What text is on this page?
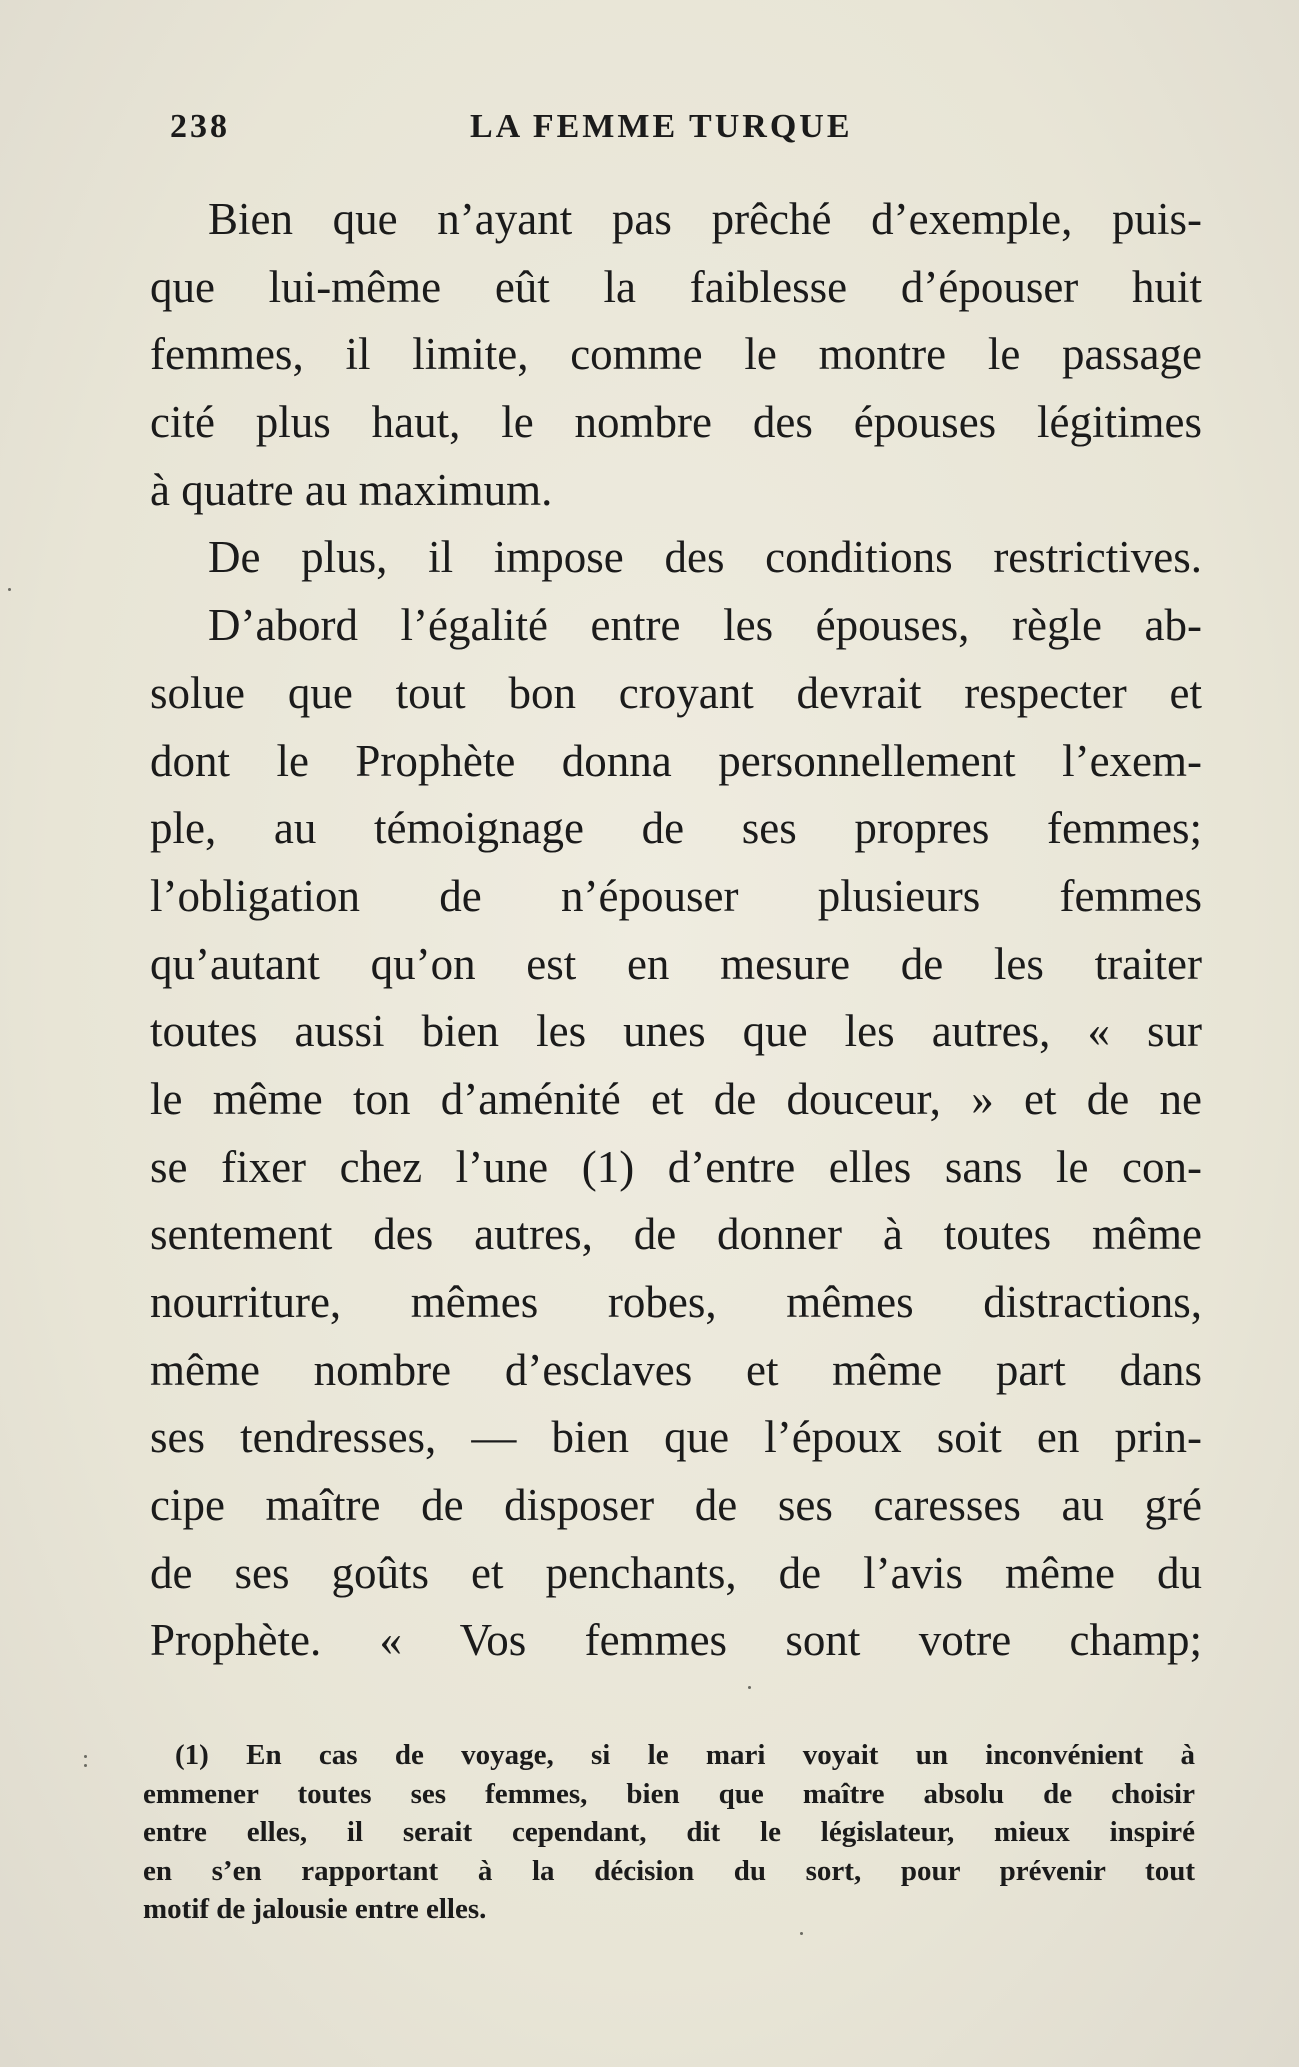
238	LA FEMME TURQUE
Bien que n’ayant pas prêché d’exemple, puis-
que lui-même eût la faiblesse d’épouser huit
femmes, il limite, comme le montre le passage
cité plus haut, le nombre des épouses légitimes
à quatre au maximum.
De plus, il impose des conditions restrictives.
D’abord l’égalité entre les épouses, règle ab-
solue que tout bon croyant devrait respecter et
dont le Prophète donna personnellement l’exem-
ple, au témoignage de ses propres femmes;
l’obligation de n’épouser plusieurs femmes
qu’autant qu’on est en mesure de les traiter
toutes aussi bien les unes que les autres, « sur
le même ton d’aménité et de douceur, » et de ne
se fixer chez l’une (1) d’entre elles sans le con-
sentement des autres, de donner à toutes même
nourriture, mêmes robes, mêmes distractions,
même nombre d’esclaves et même part dans
ses tendresses, — bien que l’époux soit en prin-
cipe maître de disposer de ses caresses au gré
de ses goûts et penchants, de l’avis même du
Prophète. « Vos femmes sont votre champ;
(1) En cas de voyage, si le mari voyait un inconvénient à
emmener toutes ses femmes, bien que maître absolu de choisir
entre elles, il serait cependant, dit le législateur, mieux inspiré
en s’en rapportant à la décision du sort, pour prévenir tout
motif de jalousie entre elles.
